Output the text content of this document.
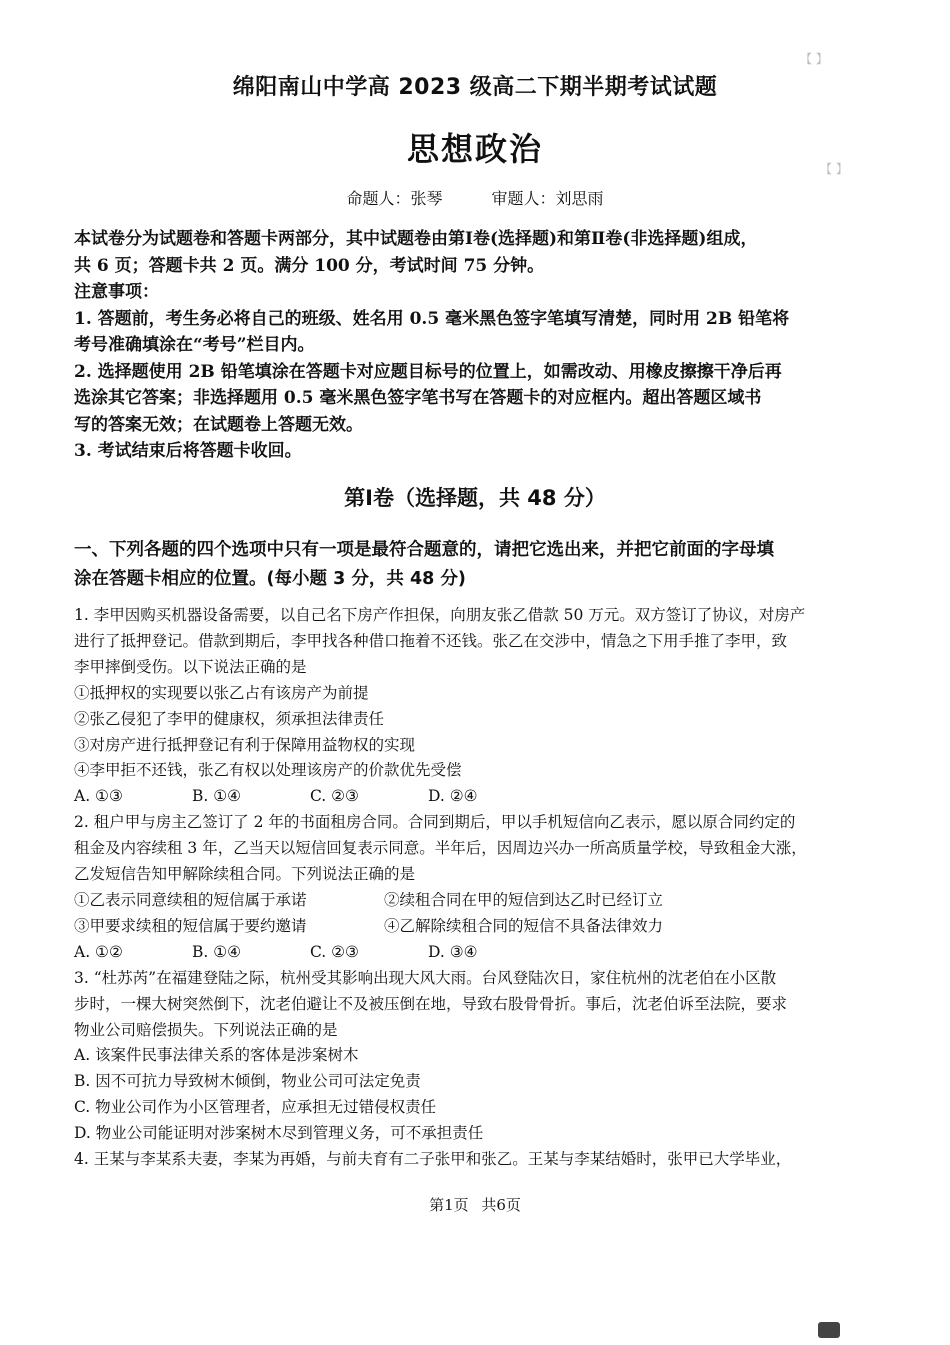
【 】
【 】
绵阳南山中学高 2023 级高二下期半期考试试题
思想政治
命题人：张琴	审题人：刘思雨

本试卷分为试题卷和答题卡两部分，其中试题卷由第Ⅰ卷(选择题)和第Ⅱ卷(非选择题)组成，

共 6 页；答题卡共 2 页。满分 100 分，考试时间 75 分钟。

注意事项：

1. 答题前，考生务必将自己的班级、姓名用 0.5 毫米黑色签字笔填写清楚，同时用 2B 铅笔将

考号准确填涂在“考号”栏目内。

2. 选择题使用 2B 铅笔填涂在答题卡对应题目标号的位置上，如需改动、用橡皮擦擦干净后再

选涂其它答案；非选择题用 0.5 毫米黑色签字笔书写在答题卡的对应框内。超出答题区域书

写的答案无效；在试题卷上答题无效。

3. 考试结束后将答题卡收回。

第Ⅰ卷（选择题，共 48 分）
一、下列各题的四个选项中只有一项是最符合题意的，请把它选出来，并把它前面的字母填
涂在答题卡相应的位置。(每小题 3 分，共 48 分)

1. 李甲因购买机器设备需要，以自己名下房产作担保，向朋友张乙借款 50 万元。双方签订了协议，对房产

进行了抵押登记。借款到期后，李甲找各种借口拖着不还钱。张乙在交涉中，情急之下用手推了李甲，致

李甲摔倒受伤。以下说法正确的是

①抵押权的实现要以张乙占有该房产为前提

②张乙侵犯了李甲的健康权，须承担法律责任

③对房产进行抵押登记有利于保障用益物权的实现

④李甲拒不还钱，张乙有权以处理该房产的价款优先受偿

A. ①③	B. ①④	C. ②③	D. ②④

2. 租户甲与房主乙签订了 2 年的书面租房合同。合同到期后，甲以手机短信向乙表示，愿以原合同约定的

租金及内容续租 3 年，乙当天以短信回复表示同意。半年后，因周边兴办一所高质量学校，导致租金大涨，

乙发短信告知甲解除续租合同。下列说法正确的是

①乙表示同意续租的短信属于承诺	②续租合同在甲的短信到达乙时已经订立
③甲要求续租的短信属于要约邀请	④乙解除续租合同的短信不具备法律效力
A. ①②	B. ①④	C. ②③	D. ③④

3. “杜苏芮”在福建登陆之际，杭州受其影响出现大风大雨。台风登陆次日，家住杭州的沈老伯在小区散

步时，一棵大树突然倒下，沈老伯避让不及被压倒在地，导致右股骨骨折。事后，沈老伯诉至法院，要求

物业公司赔偿损失。下列说法正确的是

A. 该案件民事法律关系的客体是涉案树木

B. 因不可抗力导致树木倾倒，物业公司可法定免责

C. 物业公司作为小区管理者，应承担无过错侵权责任

D. 物业公司能证明对涉案树木尽到管理义务，可不承担责任

4. 王某与李某系夫妻，李某为再婚，与前夫育有二子张甲和张乙。王某与李某结婚时，张甲已大学毕业，

第1页 共6页
